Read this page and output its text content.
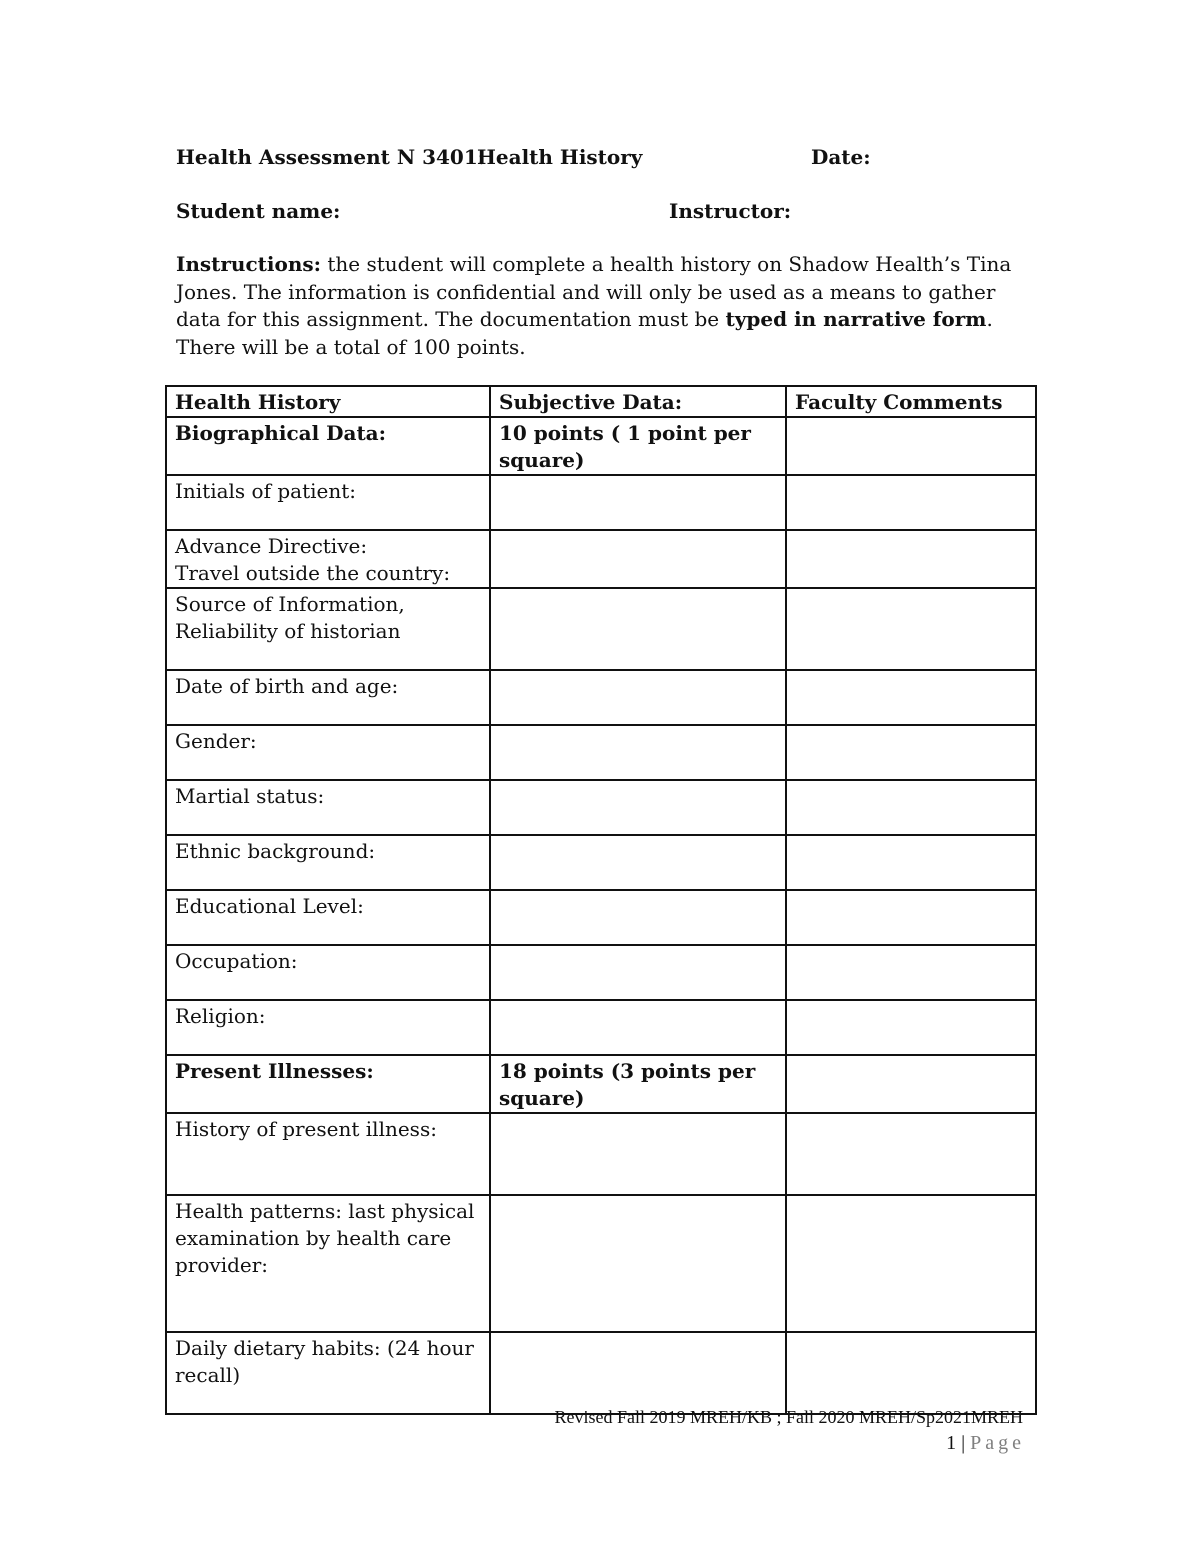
Health Assessment N 3401:
Health History	Date:
Student name:	Instructor:
Instructions: the student will complete a health history on Shadow Health’s Tina Jones. The information is confidential and will only be used as a means to gather data for this assignment. The documentation must be typed in narrative form. There will be a total of 100 points.
Health History	Subjective Data:	Faculty Comments
Biographical Data:	10 points ( 1 point per
square)	

Initials of patient:		

Advance Directive:
Travel outside the country:		

Source of Information,
Reliability of historian		

Date of birth and age:		
Gender:		
Martial status:		
Ethnic background:		
Educational Level:		
Occupation:		
Religion:		
Present Illnesses:	18 points (3 points per
square)	

History of present illness:		

Health patterns: last physical
examination by health care
provider:		

Daily dietary habits: (24 hour
recall)		

Revised Fall 2019 MREH/KB ; Fall 2020 MREH/Sp2021MREH
1 | Page
